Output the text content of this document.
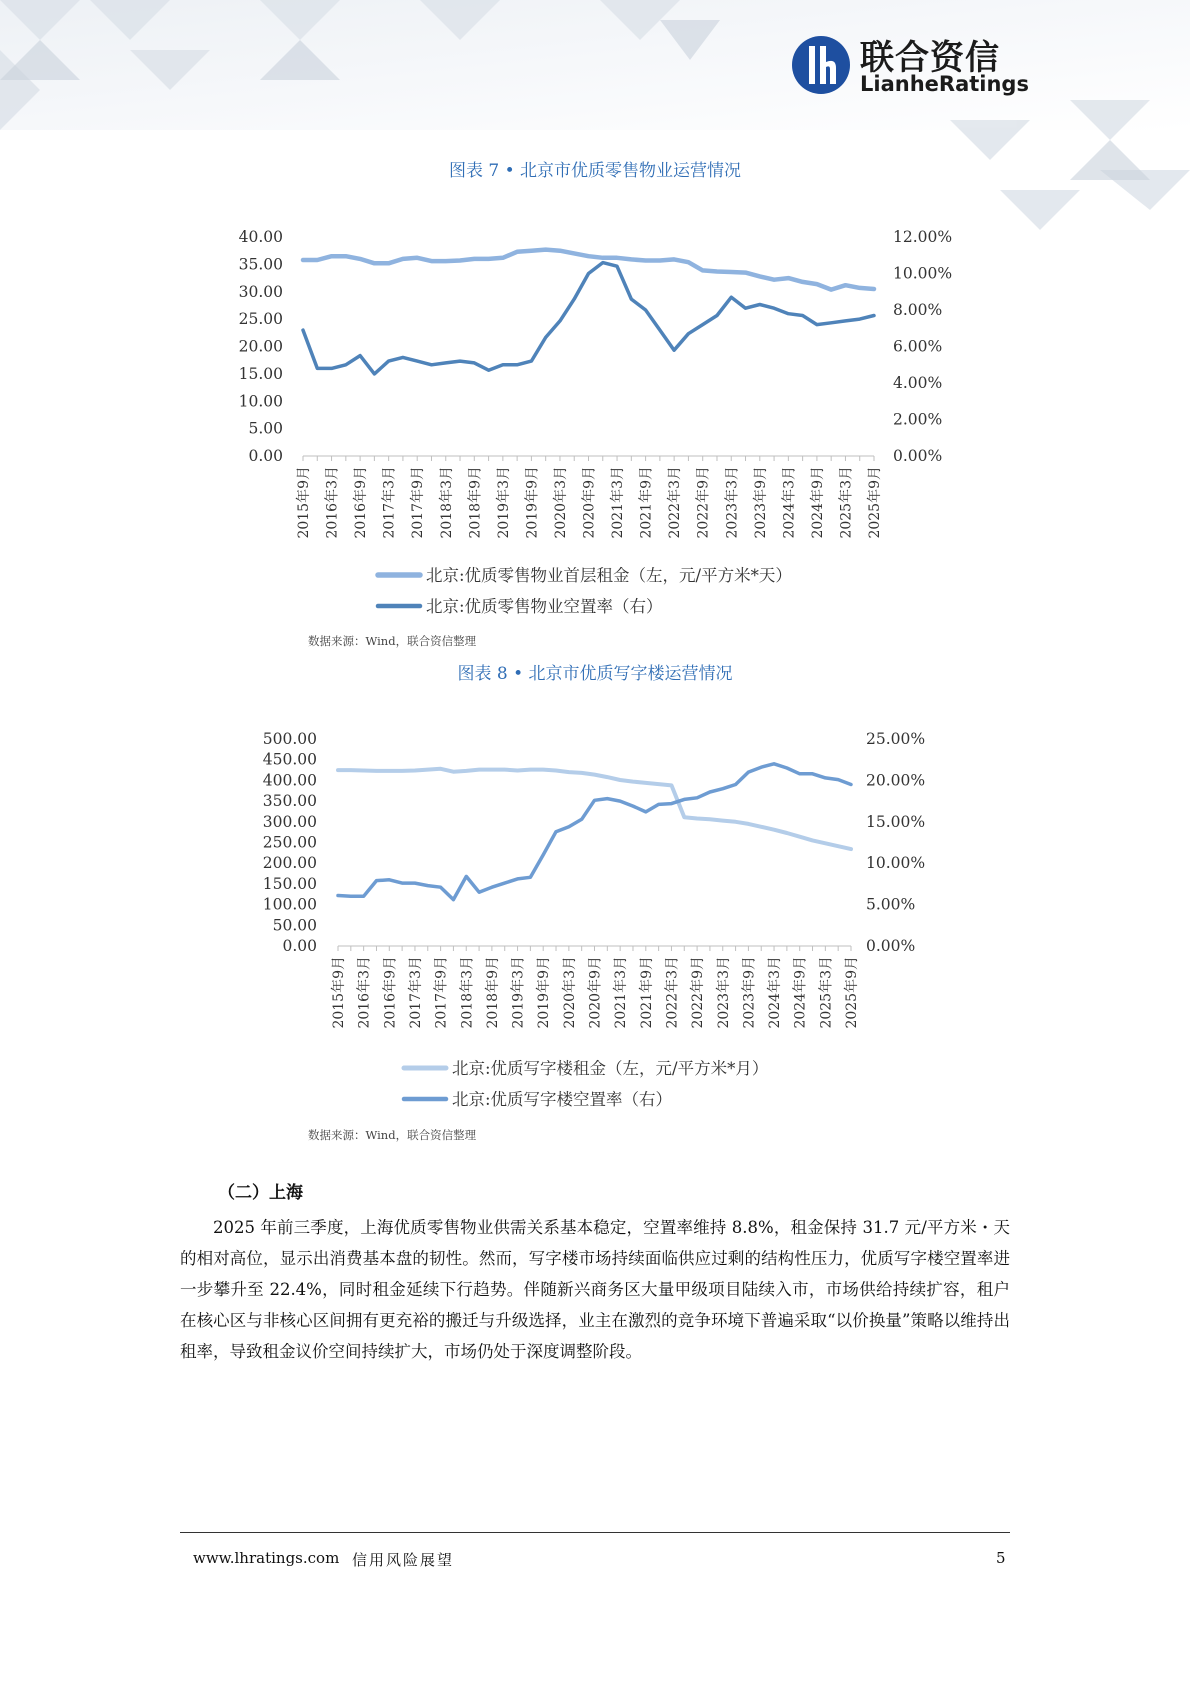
联合资信
LianheRatings
图表 7 • 北京市优质零售物业运营情况
0.00
5.00
10.00
15.00
20.00
25.00
30.00
35.00
40.00
0.00%
2.00%
4.00%
6.00%
8.00%
10.00%
12.00%
2015年9月 2016年3月 2016年9月 2017年3月 2017年9月 2018年3月 2018年9月 2019年3月 2019年9月 2020年3月 2020年9月 2021年3月 2021年9月 2022年3月 2022年9月 2023年3月 2023年9月 2024年3月 2024年9月 2025年3月 2025年9月
北京:优质零售物业首层租金（左，元/平方米*天）
北京:优质零售物业空置率（右）
数据来源：Wind，联合资信整理
图表 8 • 北京市优质写字楼运营情况
0.00
50.00
100.00
150.00
200.00
250.00
300.00
350.00
400.00
450.00
500.00
0.00%
5.00%
10.00%
15.00%
20.00%
25.00%
2015年9月 2016年3月 2016年9月 2017年3月 2017年9月 2018年3月 2018年9月 2019年3月 2019年9月 2020年3月 2020年9月 2021年3月 2021年9月 2022年3月 2022年9月 2023年3月 2023年9月 2024年3月 2024年9月 2025年3月 2025年9月
北京:优质写字楼租金（左，元/平方米*月）
北京:优质写字楼空置率（右）
数据来源：Wind，联合资信整理
（二）上海
2025 年前三季度，上海优质零售物业供需关系基本稳定，空置率维持 8.8%，租金保持 31.7 元/平方米・天的相对高位，显示出消费基本盘的韧性。然而，写字楼市场持续面临供应过剩的结构性压力，优质写字楼空置率进一步攀升至 22.4%，同时租金延续下行趋势。伴随新兴商务区大量甲级项目陆续入市，市场供给持续扩容，租户在核心区与非核心区间拥有更充裕的搬迁与升级选择，业主在激烈的竞争环境下普遍采取“以价换量”策略以维持出租率，导致租金议价空间持续扩大，市场仍处于深度调整阶段。
www.lhratings.com 信用风险展望	5
